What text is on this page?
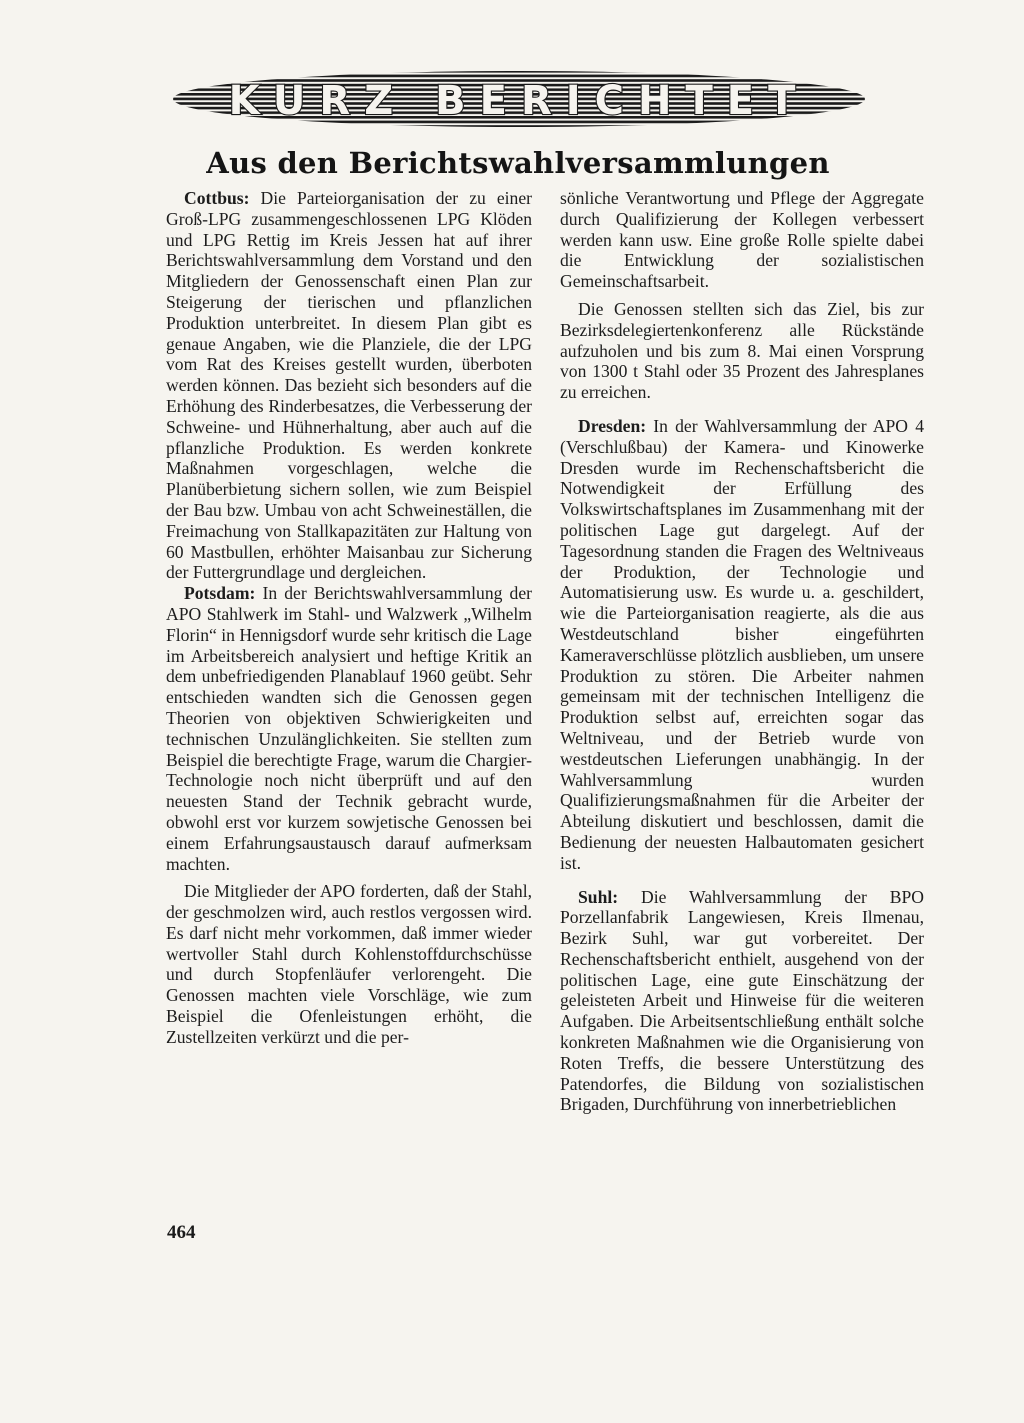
KURZ BERICHTET
Aus den Berichtswahlversammlungen

Cottbus: Die Parteiorganisation der zu einer Groß-LPG zusammengeschlossenen LPG Klöden und LPG Rettig im Kreis Jessen hat auf ihrer Berichtswahlversammlung dem Vorstand und den Mitgliedern der Genossenschaft einen Plan zur Steigerung der tierischen und pflanzlichen Produktion unterbreitet. In diesem Plan gibt es genaue Angaben, wie die Planziele, die der LPG vom Rat des Kreises gestellt wurden, überboten werden können. Das bezieht sich besonders auf die Erhöhung des Rinderbesatzes, die Verbesserung der Schweine- und Hühnerhaltung, aber auch auf die pflanzliche Produktion. Es werden konkrete Maßnahmen vorgeschlagen, welche die Planüberbietung sichern sollen, wie zum Beispiel der Bau bzw. Umbau von acht Schweineställen, die Freimachung von Stallkapazitäten zur Haltung von 60 Mastbullen, erhöhter Maisanbau zur Sicherung der Futtergrundlage und dergleichen.

Potsdam: In der Berichtswahlversammlung der APO Stahlwerk im Stahl- und Walzwerk „Wilhelm Florin“ in Hennigsdorf wurde sehr kritisch die Lage im Arbeitsbereich analysiert und heftige Kritik an dem unbefriedigenden Planablauf 1960 geübt. Sehr entschieden wandten sich die Genossen gegen Theorien von objektiven Schwierigkeiten und technischen Unzulänglichkeiten. Sie stellten zum Beispiel die berechtigte Frage, warum die Chargier-Technologie noch nicht überprüft und auf den neuesten Stand der Technik gebracht wurde, obwohl erst vor kurzem sowjetische Genossen bei einem Erfahrungsaustausch darauf aufmerksam machten.

Die Mitglieder der APO forderten, daß der Stahl, der geschmolzen wird, auch restlos vergossen wird. Es darf nicht mehr vorkommen, daß immer wieder wertvoller Stahl durch Kohlenstoffdurchschüsse und durch Stopfenläufer verlorengeht. Die Genossen machten viele Vorschläge, wie zum Beispiel die Ofenleistungen erhöht, die Zustellzeiten verkürzt und die per-

sönliche Verantwortung und Pflege der Aggregate durch Qualifizierung der Kollegen verbessert werden kann usw. Eine große Rolle spielte dabei die Entwicklung der sozialistischen Gemeinschaftsarbeit.

Die Genossen stellten sich das Ziel, bis zur Bezirksdelegiertenkonferenz alle Rückstände aufzuholen und bis zum 8. Mai einen Vorsprung von 1300 t Stahl oder 35 Prozent des Jahresplanes zu erreichen.

Dresden: In der Wahlversammlung der APO 4 (Verschlußbau) der Kamera- und Kinowerke Dresden wurde im Rechenschaftsbericht die Notwendigkeit der Erfüllung des Volkswirtschaftsplanes im Zusammenhang mit der politischen Lage gut dargelegt. Auf der Tagesordnung standen die Fragen des Weltniveaus der Produktion, der Technologie und Automatisierung usw. Es wurde u. a. geschildert, wie die Parteiorganisation reagierte, als die aus Westdeutschland bisher eingeführten Kameraverschlüsse plötzlich ausblieben, um unsere Produktion zu stören. Die Arbeiter nahmen gemeinsam mit der technischen Intelligenz die Produktion selbst auf, erreichten sogar das Weltniveau, und der Betrieb wurde von westdeutschen Lieferungen unabhängig. In der Wahlversammlung wurden Qualifizierungsmaßnahmen für die Arbeiter der Abteilung diskutiert und beschlossen, damit die Bedienung der neuesten Halbautomaten gesichert ist.

Suhl: Die Wahlversammlung der BPO Porzellanfabrik Langewiesen, Kreis Ilmenau, Bezirk Suhl, war gut vorbereitet. Der Rechenschaftsbericht enthielt, ausgehend von der politischen Lage, eine gute Einschätzung der geleisteten Arbeit und Hinweise für die weiteren Aufgaben. Die Arbeitsentschließung enthält solche konkreten Maßnahmen wie die Organisierung von Roten Treffs, die bessere Unterstützung des Patendorfes, die Bildung von sozialistischen Brigaden, Durchführung von innerbetrieblichen

464
